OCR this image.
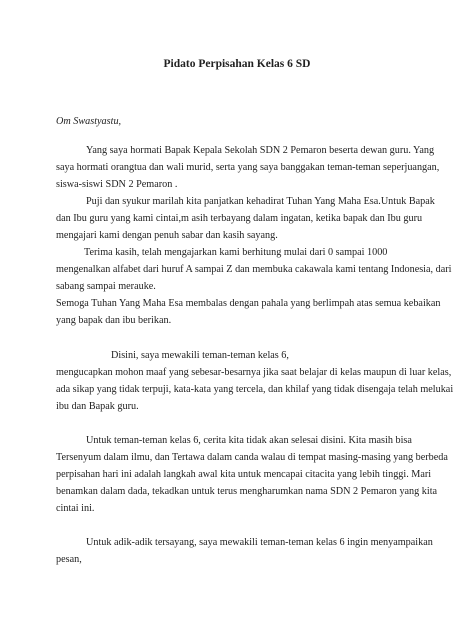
Pidato Perpisahan Kelas 6 SD
Om Swastyastu,
Yang saya hormati Bapak Kepala Sekolah SDN 2 Pemaron beserta dewan guru. Yang
saya hormati orangtua dan wali murid, serta yang saya banggakan teman-teman seperjuangan,
siswa-siswi SDN 2 Pemaron .
Puji dan syukur marilah kita panjatkan kehadirat Tuhan Yang Maha Esa.Untuk Bapak
dan Ibu guru yang kami cintai,m asih terbayang dalam ingatan, ketika bapak dan Ibu guru
mengajari kami dengan penuh sabar dan kasih sayang.
Terima kasih, telah mengajarkan kami berhitung mulai dari 0 sampai 1000
mengenalkan alfabet dari huruf A sampai Z dan membuka cakawala kami tentang Indonesia, dari
sabang sampai merauke.
Semoga Tuhan Yang Maha Esa membalas dengan pahala yang berlimpah atas semua kebaikan
yang bapak dan ibu berikan.
Disini, saya mewakili teman-teman kelas 6,
mengucapkan mohon maaf yang sebesar-besarnya jika saat belajar di kelas maupun di luar kelas,
ada sikap yang tidak terpuji, kata-kata yang tercela, dan khilaf yang tidak disengaja telah melukai
ibu dan Bapak guru.
Untuk teman-teman kelas 6, cerita kita tidak akan selesai disini. Kita masih bisa
Tersenyum dalam ilmu, dan Tertawa dalam canda walau di tempat masing-masing yang berbeda
perpisahan hari ini adalah langkah awal kita untuk mencapai citacita yang lebih tinggi. Mari
benamkan dalam dada, tekadkan untuk terus mengharumkan nama SDN 2 Pemaron yang kita
cintai ini.
Untuk adik-adik tersayang, saya mewakili teman-teman kelas 6 ingin menyampaikan
pesan,
